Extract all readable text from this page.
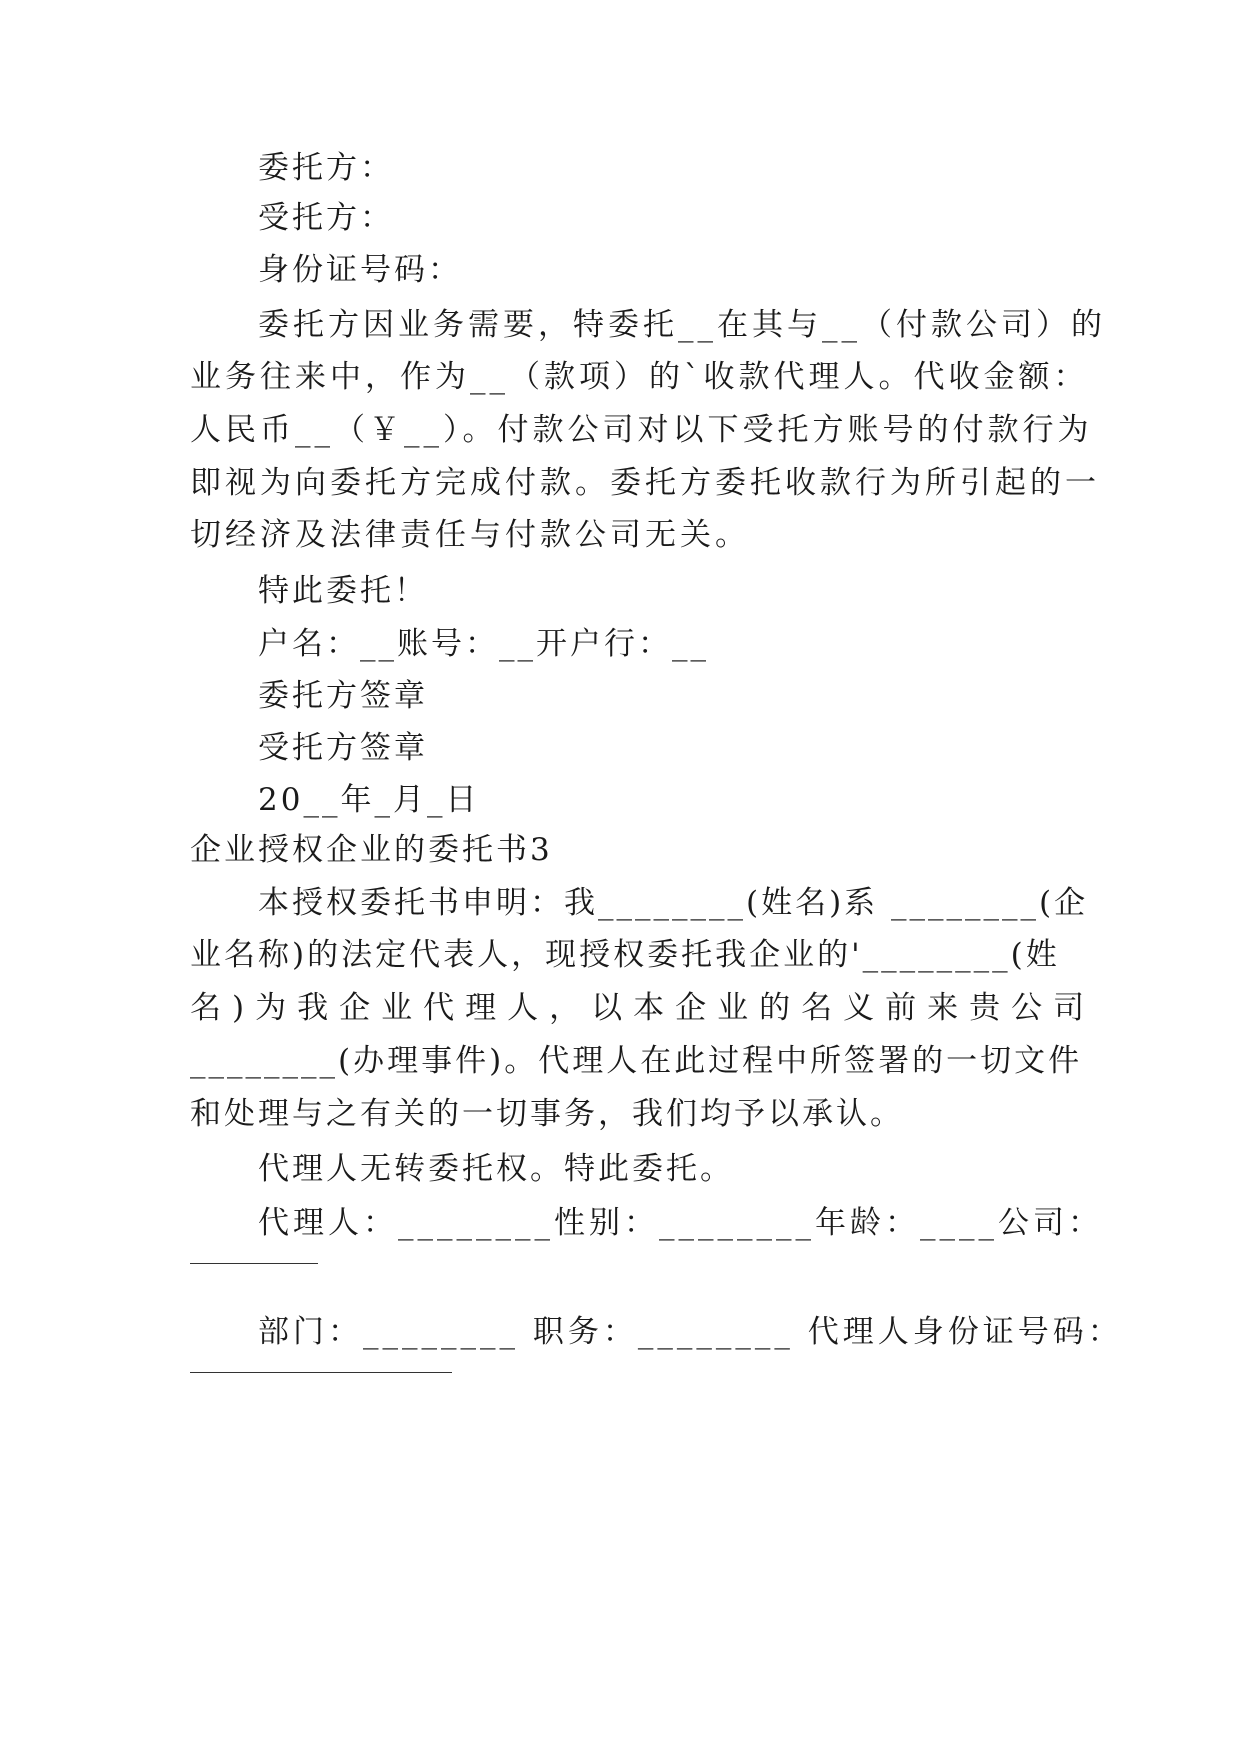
委托方：
受托方：
身份证号码：
委托方因业务需要，特委托__在其与__（付款公司）的
业务往来中，作为__（款项）的`收款代理人。代收金额：
人民币__（￥__）。付款公司对以下受托方账号的付款行为
即视为向委托方完成付款。委托方委托收款行为所引起的一
切经济及法律责任与付款公司无关。
特此委托！
户名：__账号：__开户行：__
委托方签章
受托方签章
20__年_月_日
企业授权企业的委托书3
本授权委托书申明：我________(姓名)系 ________(企
业名称)的法定代表人，现授权委托我企业的'________(姓
名)为我企业代理人，以本企业的名义前来贵公司
________(办理事件)。代理人在此过程中所签署的一切文件
和处理与之有关的一切事务，我们均予以承认。
代理人无转委托权。特此委托。
代理人：________性别：________年龄：____公司：
部门：________ 职务：________ 代理人身份证号码：
